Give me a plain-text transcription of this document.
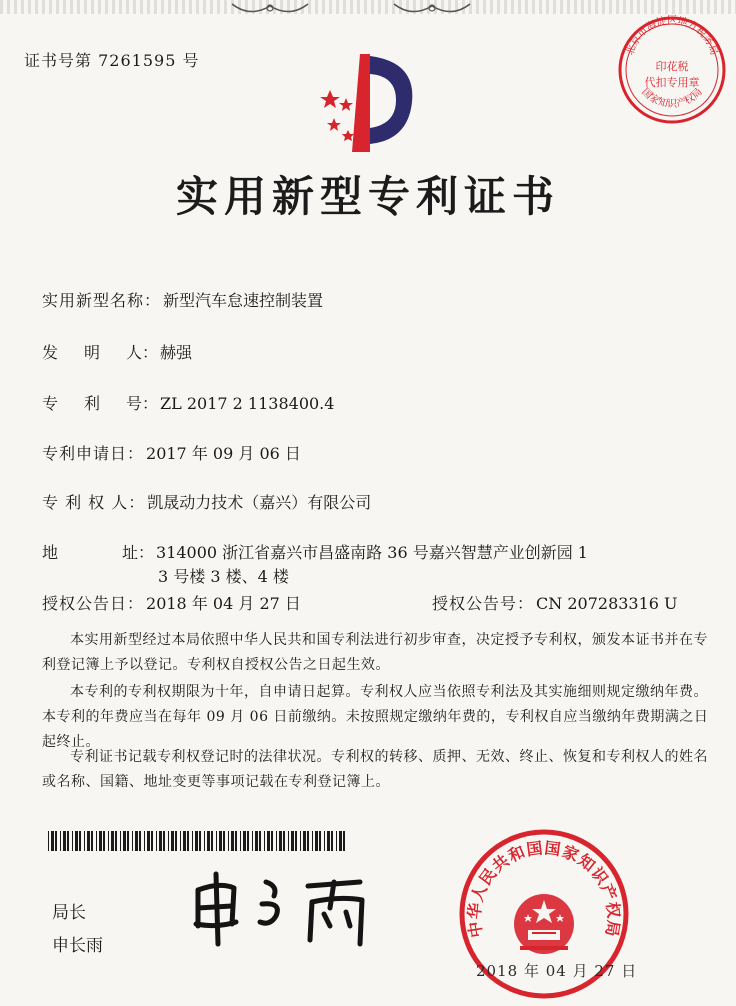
证书号第 7261595 号
北京市海淀区地方税务局
印花税
代扣专用章
国家知识产权局
实用新型专利证书
实用新型名称： 新型汽车怠速控制装置
发 明 人： 赫强
专 利 号： ZL 2017 2 1138400.4
专利申请日： 2017 年 09 月 06 日
专 利 权 人： 凯晟动力技术（嘉兴）有限公司
地	址： 314000 浙江省嘉兴市昌盛南路 36 号嘉兴智慧产业创新园 1
3 号楼 3 楼、4 楼
授权公告日： 2018 年 04 月 27 日	授权公告号： CN 207283316 U
本实用新型经过本局依照中华人民共和国专利法进行初步审查，决定授予专利权，颁发本证书并在专利登记簿上予以登记。专利权自授权公告之日起生效。
本专利的专利权期限为十年，自申请日起算。专利权人应当依照专利法及其实施细则规定缴纳年费。本专利的年费应当在每年 09 月 06 日前缴纳。未按照规定缴纳年费的，专利权自应当缴纳年费期满之日起终止。
专利证书记载专利权登记时的法律状况。专利权的转移、质押、无效、终止、恢复和专利权人的姓名或名称、国籍、地址变更等事项记载在专利登记簿上。
局长
申长雨
中华人民共和国国家知识产权局
2018 年 04 月 27 日
